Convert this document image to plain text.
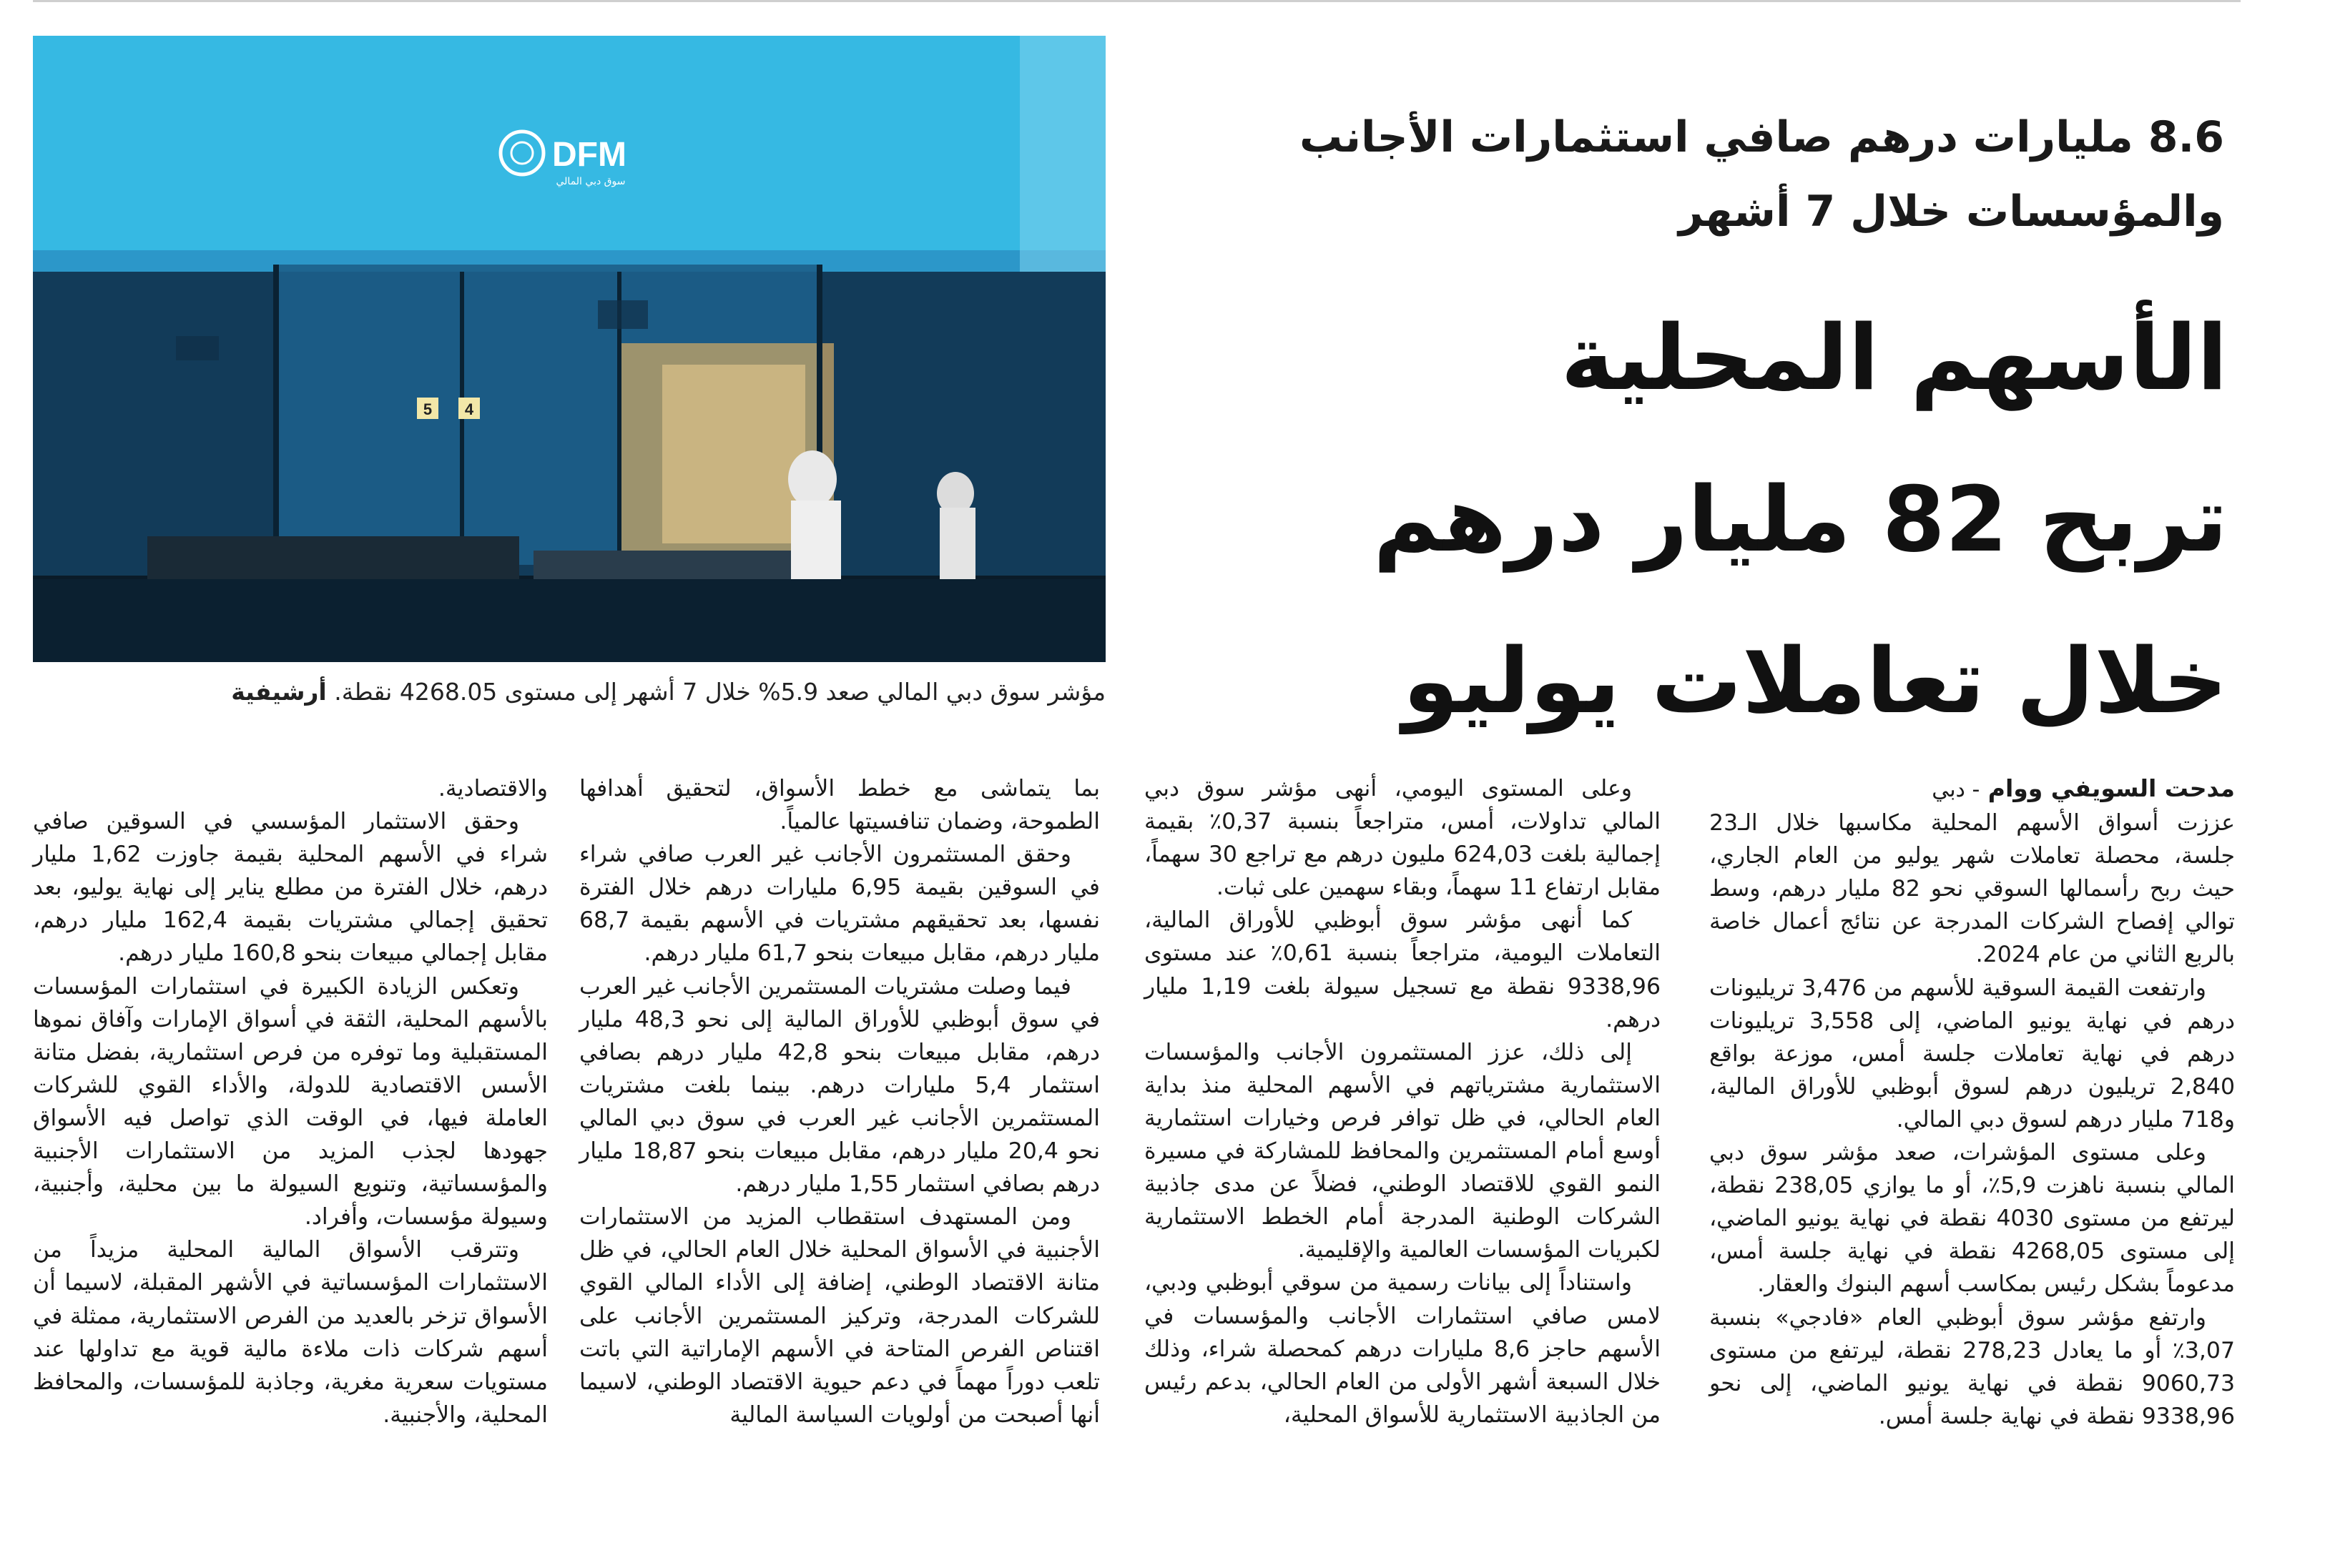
DFM
سوق دبي المالي
5 4
مؤشر سوق دبي المالي صعد 5.9% خلال 7 أشهر إلى مستوى 4268.05 نقطة. أرشيفية
8.6 مليارات درهم صافي استثمارات الأجانب
والمؤسسات خلال 7 أشهر
الأسهم المحلية
تربح 82 مليار درهم
خلال تعاملات يوليو

مدحت السويفي ووام - دبي

عززت أسواق الأسهم المحلية مكاسبها خلال الـ23 جلسة، محصلة تعاملات شهر يوليو من العام الجاري، حيث ربح رأسمالها السوقي نحو 82 مليار درهم، وسط توالي إفصاح الشركات المدرجة عن نتائج أعمال خاصة بالربع الثاني من عام 2024.

وارتفعت القيمة السوقية للأسهم من 3,476 تريليونات درهم في نهاية يونيو الماضي، إلى 3,558 تريليونات درهم في نهاية تعاملات جلسة أمس، موزعة بواقع 2,840 تريليون درهم لسوق أبوظبي للأوراق المالية، و718 مليار درهم لسوق دبي المالي.

وعلى مستوى المؤشرات، صعد مؤشر سوق دبي المالي بنسبة ناهزت 5,9٪، أو ما يوازي 238,05 نقطة، ليرتفع من مستوى 4030 نقطة في نهاية يونيو الماضي، إلى مستوى 4268,05 نقطة في نهاية جلسة أمس، مدعوماً بشكل رئيس بمكاسب أسهم البنوك والعقار.

وارتفع مؤشر سوق أبوظبي العام «فادجي» بنسبة 3,07٪ أو ما يعادل 278,23 نقطة، ليرتفع من مستوى 9060,73 نقطة في نهاية يونيو الماضي، إلى نحو 9338,96 نقطة في نهاية جلسة أمس.

وعلى المستوى اليومي، أنهى مؤشر سوق دبي المالي تداولات، أمس، متراجعاً بنسبة 0,37٪ بقيمة إجمالية بلغت 624,03 مليون درهم مع تراجع 30 سهماً، مقابل ارتفاع 11 سهماً، وبقاء سهمين على ثبات.

كما أنهى مؤشر سوق أبوظبي للأوراق المالية، التعاملات اليومية، متراجعاً بنسبة 0,61٪ عند مستوى 9338,96 نقطة مع تسجيل سيولة بلغت 1,19 مليار درهم.

إلى ذلك، عزز المستثمرون الأجانب والمؤسسات الاستثمارية مشترياتهم في الأسهم المحلية منذ بداية العام الحالي، في ظل توافر فرص وخيارات استثمارية أوسع أمام المستثمرين والمحافظ للمشاركة في مسيرة النمو القوي للاقتصاد الوطني، فضلاً عن مدى جاذبية الشركات الوطنية المدرجة أمام الخطط الاستثمارية لكبريات المؤسسات العالمية والإقليمية.

واستناداً إلى بيانات رسمية من سوقي أبوظبي ودبي، لامس صافي استثمارات الأجانب والمؤسسات في الأسهم حاجز 8,6 مليارات درهم كمحصلة شراء، وذلك خلال السبعة أشهر الأولى من العام الحالي، بدعم رئيس من الجاذبية الاستثمارية للأسواق المحلية،

بما يتماشى مع خطط الأسواق، لتحقيق أهدافها الطموحة، وضمان تنافسيتها عالمياً.

وحقق المستثمرون الأجانب غير العرب صافي شراء في السوقين بقيمة 6,95 مليارات درهم خلال الفترة نفسها، بعد تحقيقهم مشتريات في الأسهم بقيمة 68,7 مليار درهم، مقابل مبيعات بنحو 61,7 مليار درهم.

فيما وصلت مشتريات المستثمرين الأجانب غير العرب في سوق أبوظبي للأوراق المالية إلى نحو 48,3 مليار درهم، مقابل مبيعات بنحو 42,8 مليار درهم بصافي استثمار 5,4 مليارات درهم. بينما بلغت مشتريات المستثمرين الأجانب غير العرب في سوق دبي المالي نحو 20,4 مليار درهم، مقابل مبيعات بنحو 18,87 مليار درهم بصافي استثمار 1,55 مليار درهم.

ومن المستهدف استقطاب المزيد من الاستثمارات الأجنبية في الأسواق المحلية خلال العام الحالي، في ظل متانة الاقتصاد الوطني، إضافة إلى الأداء المالي القوي للشركات المدرجة، وتركيز المستثمرين الأجانب على اقتناص الفرص المتاحة في الأسهم الإماراتية التي باتت تلعب دوراً مهماً في دعم حيوية الاقتصاد الوطني، لاسيما أنها أصبحت من أولويات السياسة المالية

والاقتصادية.

وحقق الاستثمار المؤسسي في السوقين صافي شراء في الأسهم المحلية بقيمة جاوزت 1,62 مليار درهم، خلال الفترة من مطلع يناير إلى نهاية يوليو، بعد تحقيق إجمالي مشتريات بقيمة 162,4 مليار درهم، مقابل إجمالي مبيعات بنحو 160,8 مليار درهم.

وتعكس الزيادة الكبيرة في استثمارات المؤسسات بالأسهم المحلية، الثقة في أسواق الإمارات وآفاق نموها المستقبلية وما توفره من فرص استثمارية، بفضل متانة الأسس الاقتصادية للدولة، والأداء القوي للشركات العاملة فيها، في الوقت الذي تواصل فيه الأسواق جهودها لجذب المزيد من الاستثمارات الأجنبية والمؤسساتية، وتنويع السيولة ما بين محلية، وأجنبية، وسيولة مؤسسات، وأفراد.

وتترقب الأسواق المالية المحلية مزيداً من الاستثمارات المؤسساتية في الأشهر المقبلة، لاسيما أن الأسواق تزخر بالعديد من الفرص الاستثمارية، ممثلة في أسهم شركات ذات ملاءة مالية قوية مع تداولها عند مستويات سعرية مغرية، وجاذبة للمؤسسات، والمحافظ المحلية، والأجنبية.
